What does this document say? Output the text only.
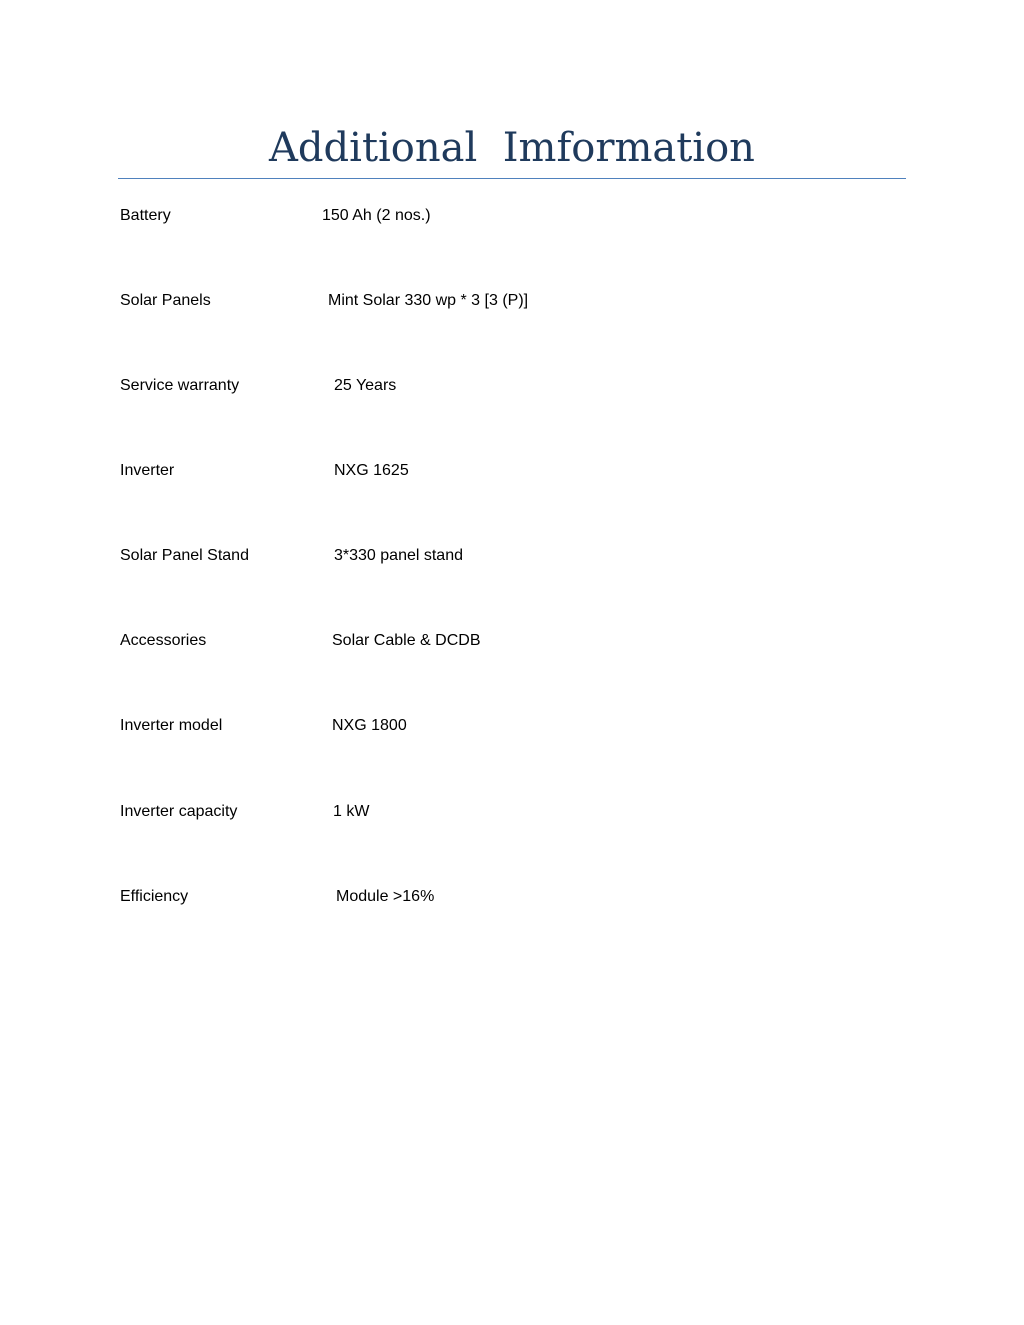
Additional  Imformation
Battery	150 Ah (2 nos.)
Solar Panels	Mint Solar 330 wp * 3 [3 (P)]
Service warranty	25 Years
Inverter	NXG 1625
Solar Panel Stand	3*330 panel stand
Accessories	Solar Cable & DCDB
Inverter model	NXG 1800
Inverter capacity	1 kW
Efficiency	Module >16%
